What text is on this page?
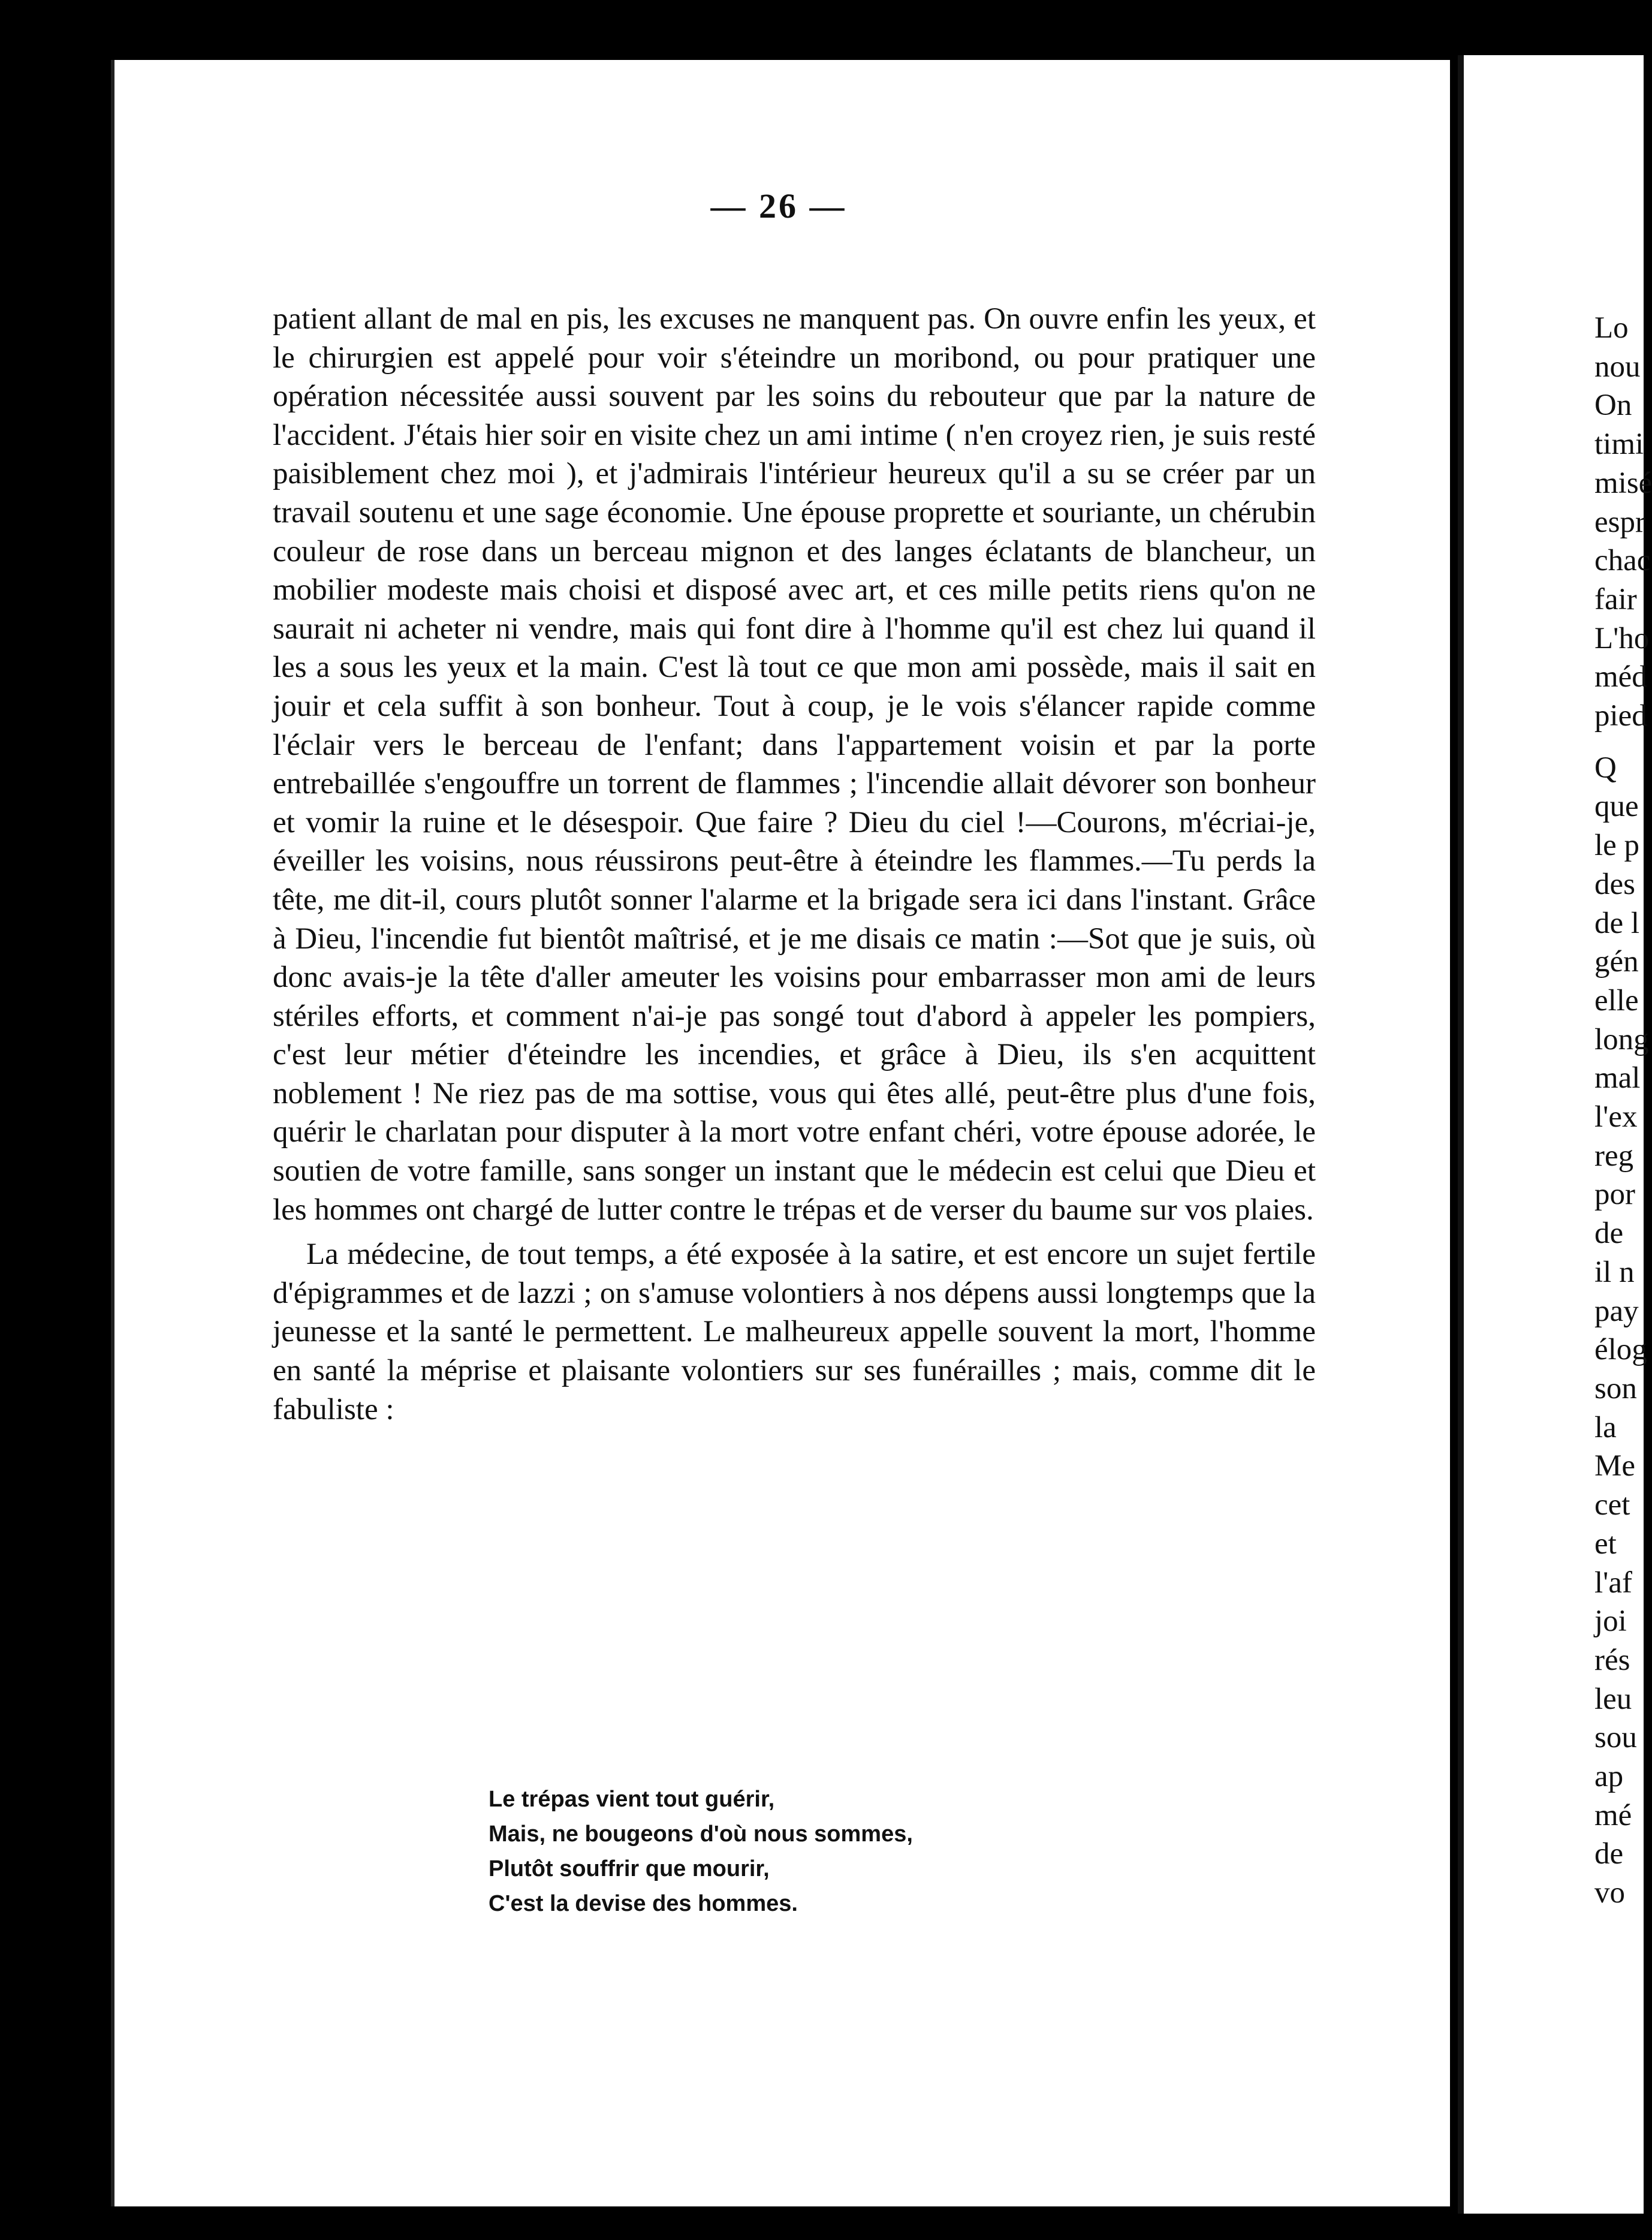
— 26 —

patient allant de mal en pis, les excuses ne manquent pas. On ouvre enfin les yeux, et le chirurgien est appelé pour voir s'éteindre un moribond, ou pour pratiquer une opération nécessitée aussi souvent par les soins du rebouteur que par la nature de l'accident. J'étais hier soir en visite chez un ami intime ( n'en croyez rien, je suis resté paisiblement chez moi ), et j'admirais l'intérieur heureux qu'il a su se créer par un travail soutenu et une sage économie. Une épouse proprette et souriante, un chérubin couleur de rose dans un berceau mignon et des langes éclatants de blancheur, un mobilier modeste mais choisi et disposé avec art, et ces mille petits riens qu'on ne saurait ni acheter ni vendre, mais qui font dire à l'homme qu'il est chez lui quand il les a sous les yeux et la main. C'est là tout ce que mon ami possède, mais il sait en jouir et cela suffit à son bonheur. Tout à coup, je le vois s'élancer rapide comme l'éclair vers le berceau de l'enfant; dans l'appartement voisin et par la porte entrebaillée s'engouffre un torrent de flammes ; l'incendie allait dévorer son bonheur et vomir la ruine et le désespoir. Que faire ? Dieu du ciel !—Courons, m'écriai-je, éveiller les voisins, nous réussirons peut-être à éteindre les flammes.—Tu perds la tête, me dit-il, cours plutôt sonner l'alarme et la brigade sera ici dans l'instant. Grâce à Dieu, l'incendie fut bientôt maîtrisé, et je me disais ce matin :—Sot que je suis, où donc avais-je la tête d'aller ameuter les voisins pour embarrasser mon ami de leurs stériles efforts, et comment n'ai-je pas songé tout d'abord à appeler les pompiers, c'est leur métier d'éteindre les incendies, et grâce à Dieu, ils s'en acquittent noblement ! Ne riez pas de ma sottise, vous qui êtes allé, peut-être plus d'une fois, quérir le charlatan pour disputer à la mort votre enfant chéri, votre épouse adorée, le soutien de votre famille, sans songer un instant que le médecin est celui que Dieu et les hommes ont chargé de lutter contre le trépas et de verser du baume sur vos plaies.

La médecine, de tout temps, a été exposée à la satire, et est encore un sujet fertile d'épigrammes et de lazzi ; on s'amuse volontiers à nos dépens aussi longtemps que la jeunesse et la santé le permettent. Le malheureux appelle souvent la mort, l'homme en santé la méprise et plaisante volontiers sur ses funérailles ; mais, comme dit le fabuliste :

Le trépas vient tout guérir,
Mais, ne bougeons d'où nous sommes,
Plutôt souffrir que mourir,
C'est la devise des hommes.
Lo
nou
On
timi
misé
espr
chac
fair
L'ho
méd
pied
Q
que
le p
des
de l
gén
elle
long
mal
l'ex
reg
por
de
il n
pay
élog
son
la
Me
cet
et
l'af
joi
rés
leu
sou
ap
mé
de
vo
